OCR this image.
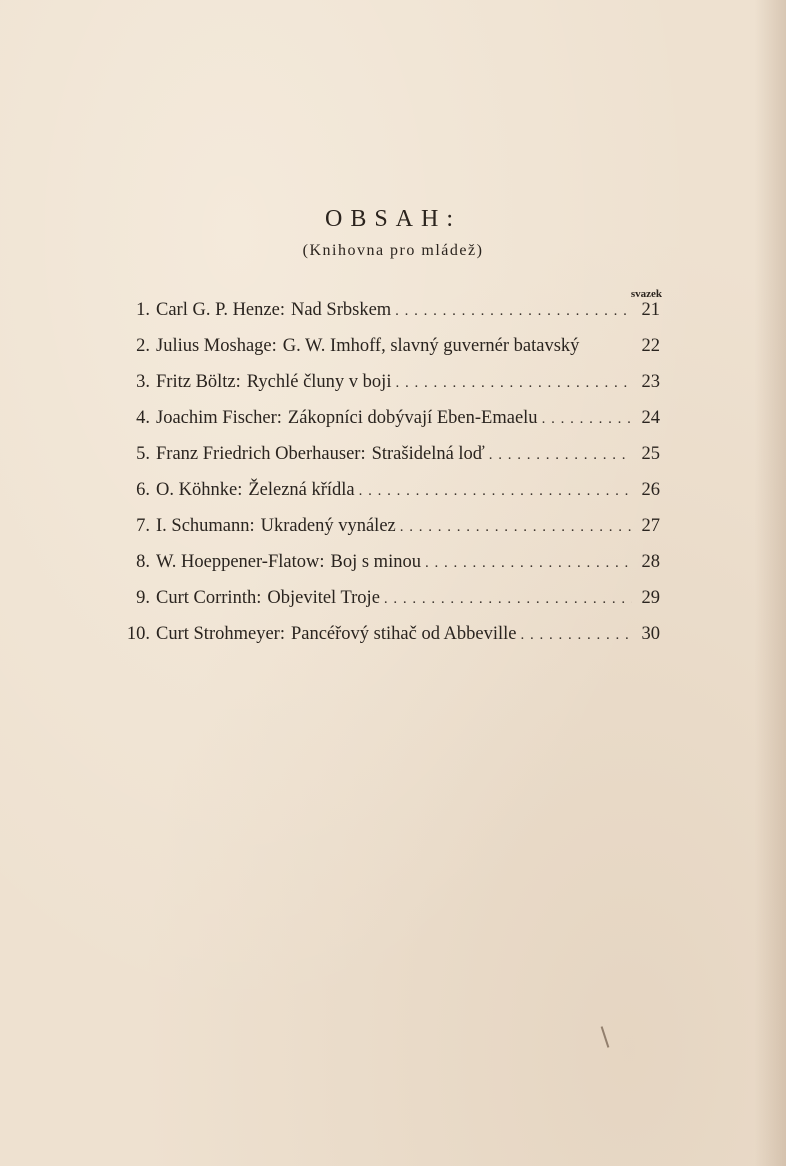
OBSAH:
(Knihovna pro mládež)
svazek
1. Carl G. P. Henze : Nad Srbskem . . .	21
2. Julius Moshage : G. W. Imhoff, slavný guvernér batavský	22
3. Fritz Böltz : Rychlé čluny v boji . . .	23
4. Joachim Fischer : Zákopníci dobývají Eben-Emaelu . . .	24
5. Franz Friedrich Oberhauser : Strašidelná loď . . .	25
6. O. Köhnke : Železná křídla . . .	26
7. I. Schumann : Ukradený vynález . . .	27
8. W. Hoeppener-Flatow : Boj s minou . . .	28
9. Curt Corrinth : Objevitel Troje . . .	29
10. Curt Strohmeyer : Pancéřový stihač od Abbeville . . .	30
